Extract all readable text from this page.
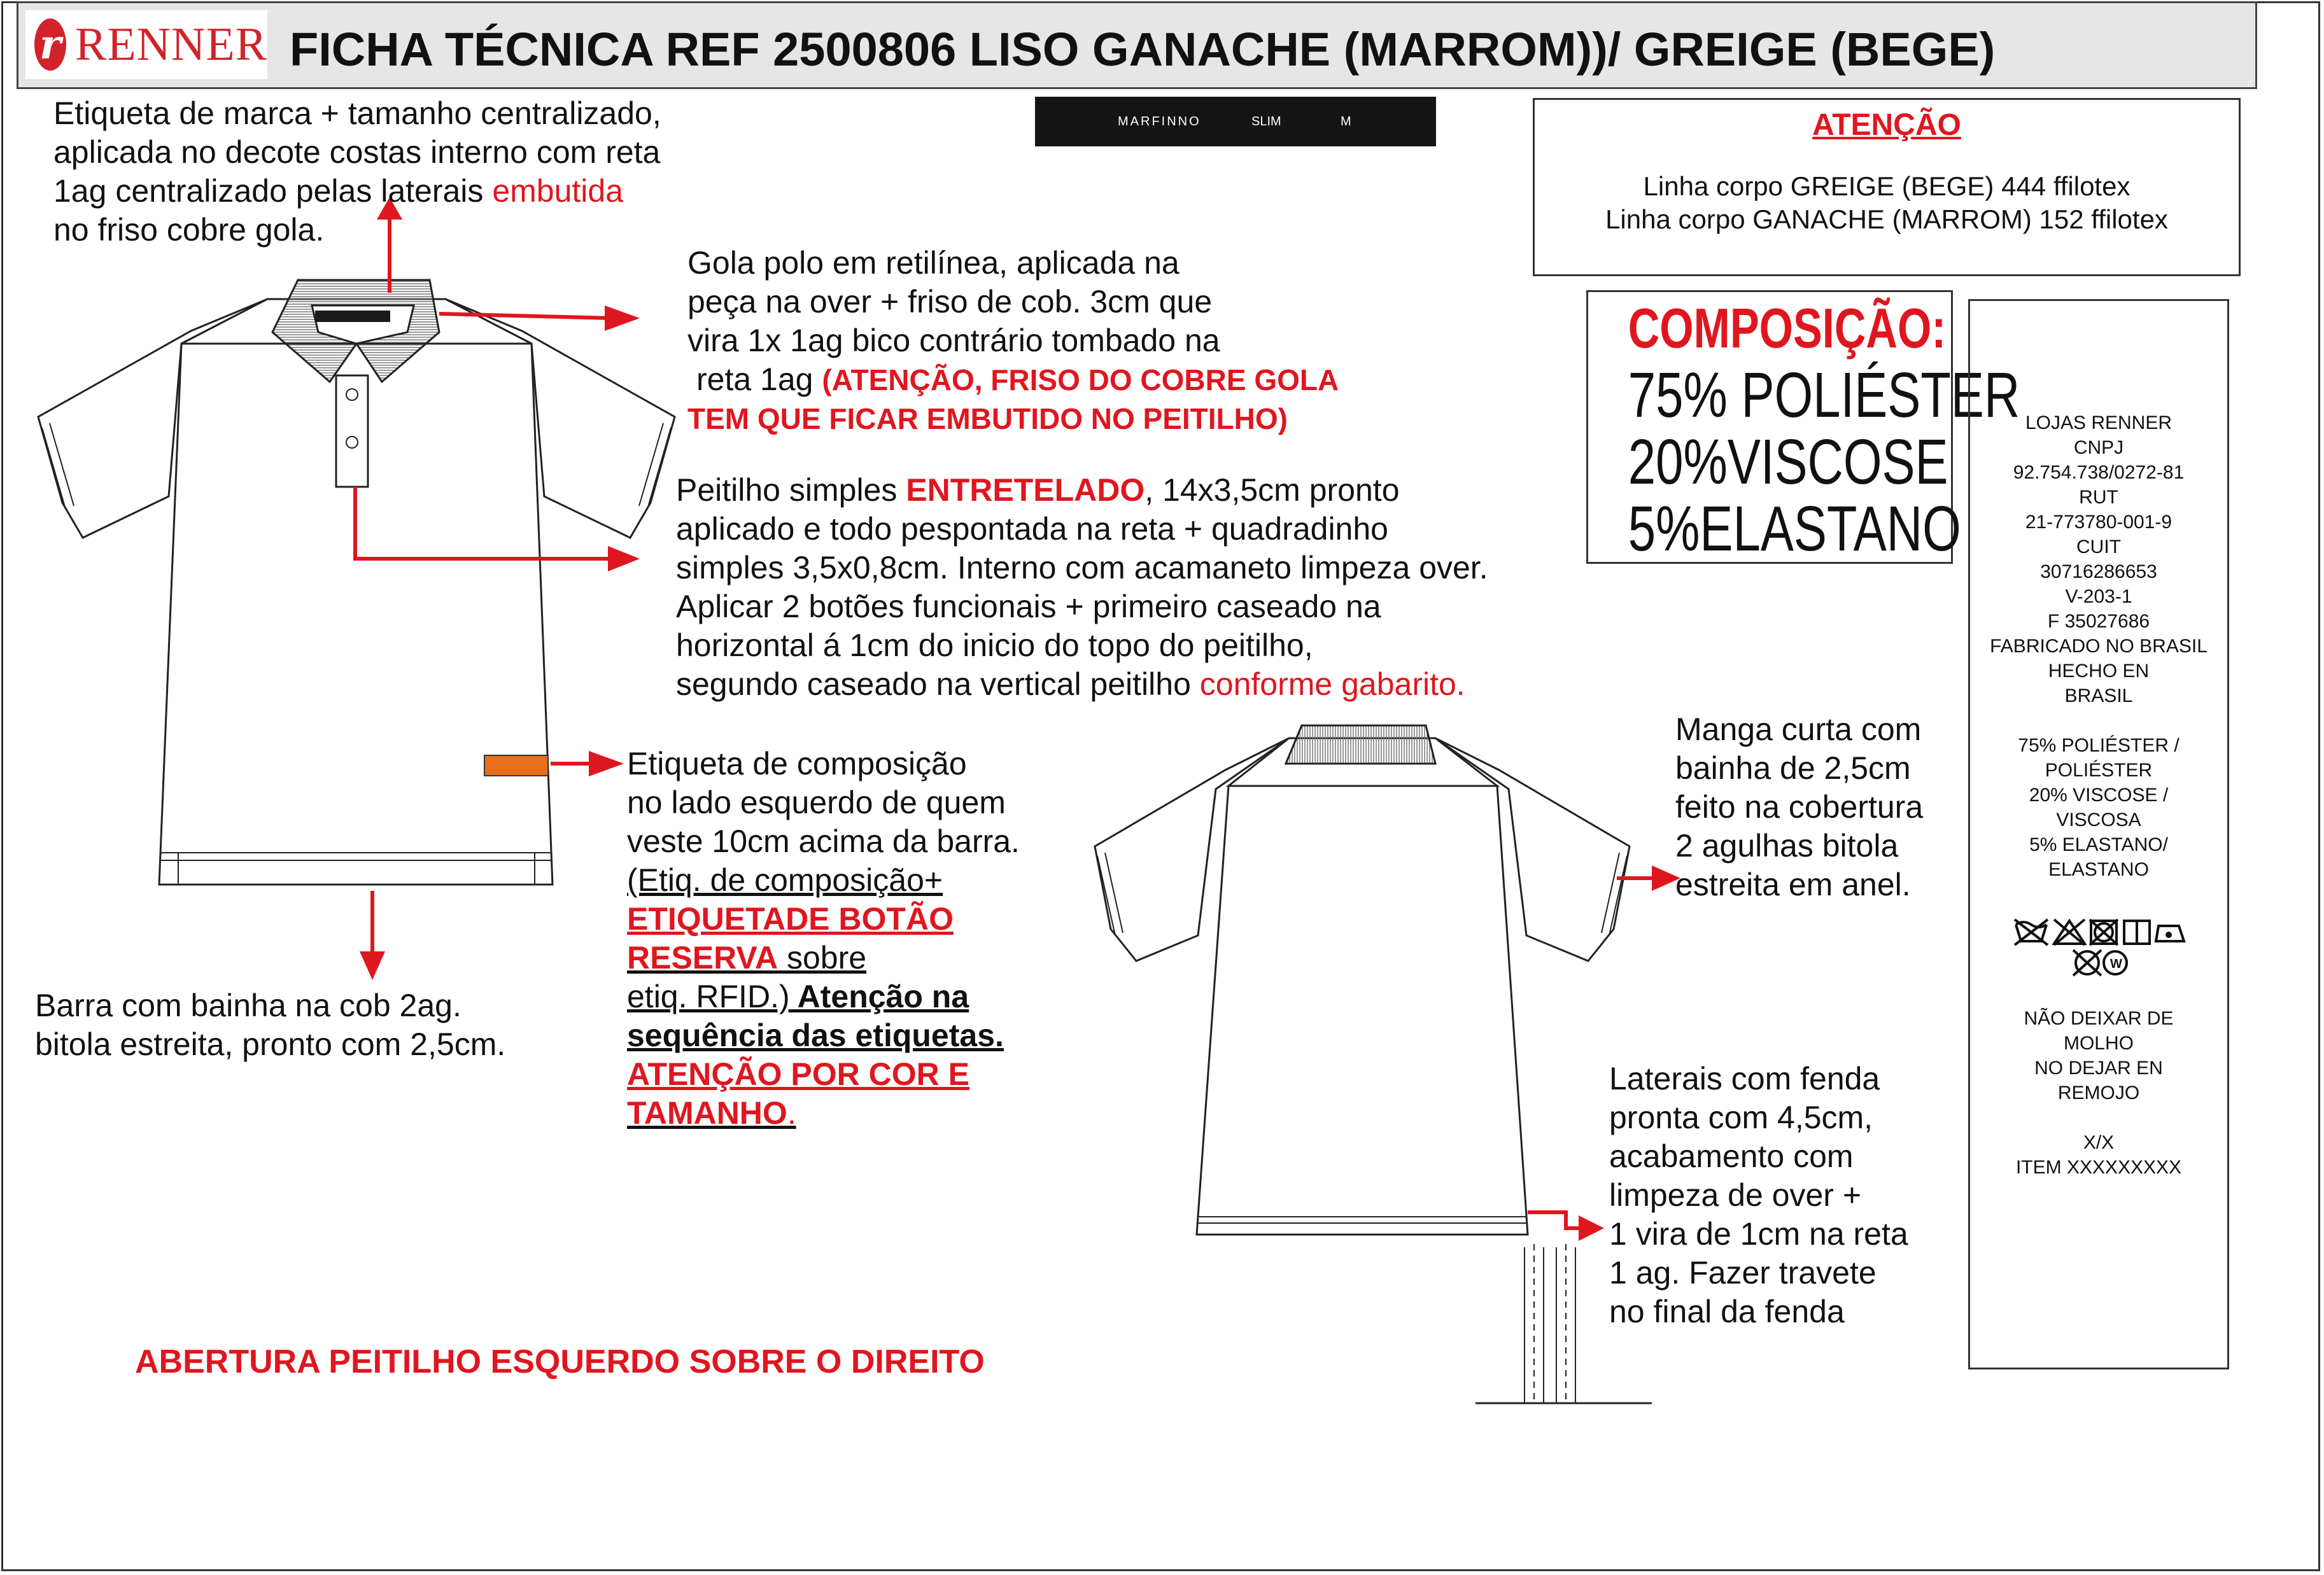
r RENNER FICHA TÉCNICA REF 2500806 LISO GANACHE (MARROM))/ GREIGE (BEGE)
MARFINNO	SLIM	M
Etiqueta de marca + tamanho centralizado,
aplicada no decote costas interno com reta
1ag centralizado pelas laterais embutida
no friso cobre gola.
Gola polo em retilínea, aplicada na
peça na over + friso de cob. 3cm que
vira 1x 1ag bico contrário tombado na
reta 1ag (ATENÇÃO, FRISO DO COBRE GOLA
TEM QUE FICAR EMBUTIDO NO PEITILHO)
Peitilho simples ENTRETELADO, 14x3,5cm pronto
aplicado e todo pespontada na reta + quadradinho
simples 3,5x0,8cm. Interno com acamaneto limpeza over.
Aplicar 2 botões funcionais + primeiro caseado na
horizontal á 1cm do inicio do topo do peitilho,
segundo caseado na vertical peitilho conforme gabarito.
Etiqueta de composição
no lado esquerdo de quem
veste 10cm acima da barra.
(Etiq. de composição+
ETIQUETADE BOTÃO
RESERVA sobre
etiq. RFID.) Atenção na
sequência das etiquetas.
ATENÇÃO POR COR E
TAMANHO.
Barra com bainha na cob 2ag.
bitola estreita, pronto com 2,5cm.
Manga curta com
bainha de 2,5cm
feito na cobertura
2 agulhas bitola
estreita em anel.
Laterais com fenda
pronta com 4,5cm,
acabamento com
limpeza de over +
1 vira de 1cm na reta
1 ag. Fazer travete
no final da fenda
ABERTURA PEITILHO ESQUERDO SOBRE O DIREITO
ATENÇÃO
Linha corpo GREIGE (BEGE) 444 ffilotex
Linha corpo GANACHE (MARROM) 152 ffilotex
COMPOSIÇÃO:
75% POLIÉSTER
20%VISCOSE
5%ELASTANO
LOJAS RENNER
CNPJ
92.754.738/0272-81
RUT
21-773780-001-9
CUIT
30716286653
V-203-1
F 35027686
FABRICADO NO BRASIL
HECHO EN
BRASIL
75% POLIÉSTER /
POLIÉSTER
20% VISCOSE /
VISCOSA
5% ELASTANO/
ELASTANO
W
NÃO DEIXAR DE
MOLHO
NO DEJAR EN
REMOJO
X/X
ITEM XXXXXXXXX
